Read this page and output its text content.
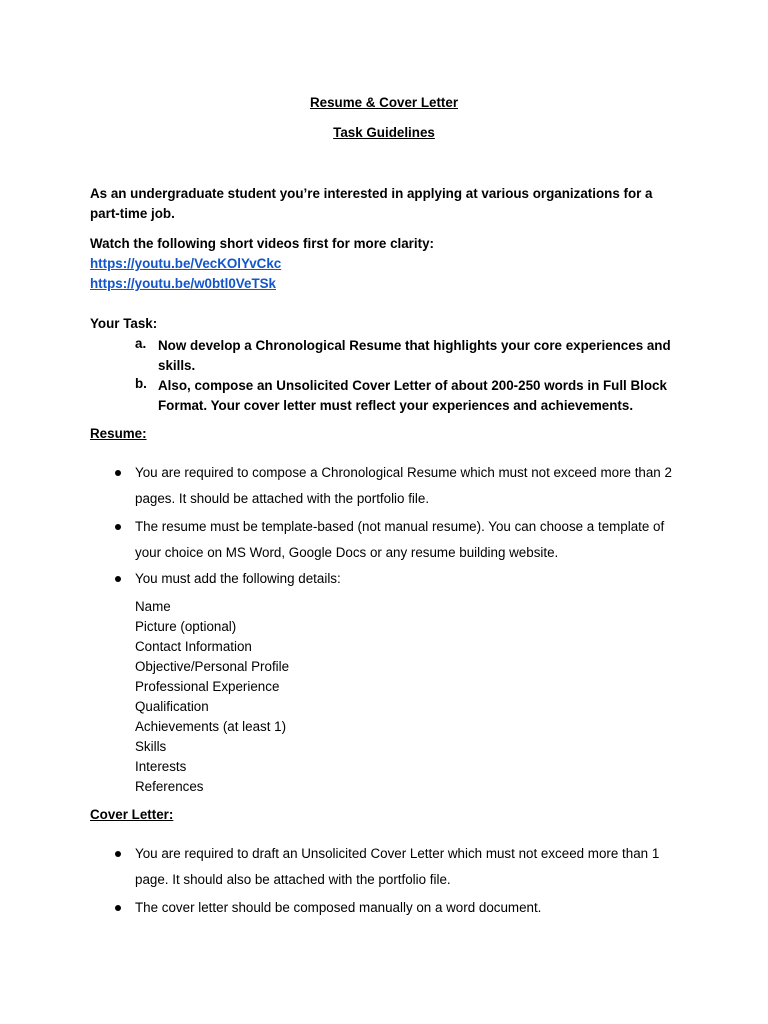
Resume & Cover Letter
Task Guidelines
As an undergraduate student you’re interested in applying at various organizations for a part-time job.
Watch the following short videos first for more clarity:
https://youtu.be/VecKOlYvCkc
https://youtu.be/w0btl0VeTSk
Your Task:
a. Now develop a Chronological Resume that highlights your core experiences and skills.
b. Also, compose an Unsolicited Cover Letter of about 200-250 words in Full Block Format. Your cover letter must reflect your experiences and achievements.
Resume:
You are required to compose a Chronological Resume which must not exceed more than 2 pages. It should be attached with the portfolio file.
The resume must be template-based (not manual resume). You can choose a template of your choice on MS Word, Google Docs or any resume building website.
You must add the following details:
Name
Picture (optional)
Contact Information
Objective/Personal Profile
Professional Experience
Qualification
Achievements (at least 1)
Skills
Interests
References
Cover Letter:
You are required to draft an Unsolicited Cover Letter which must not exceed more than 1 page. It should also be attached with the portfolio file.
The cover letter should be composed manually on a word document.
